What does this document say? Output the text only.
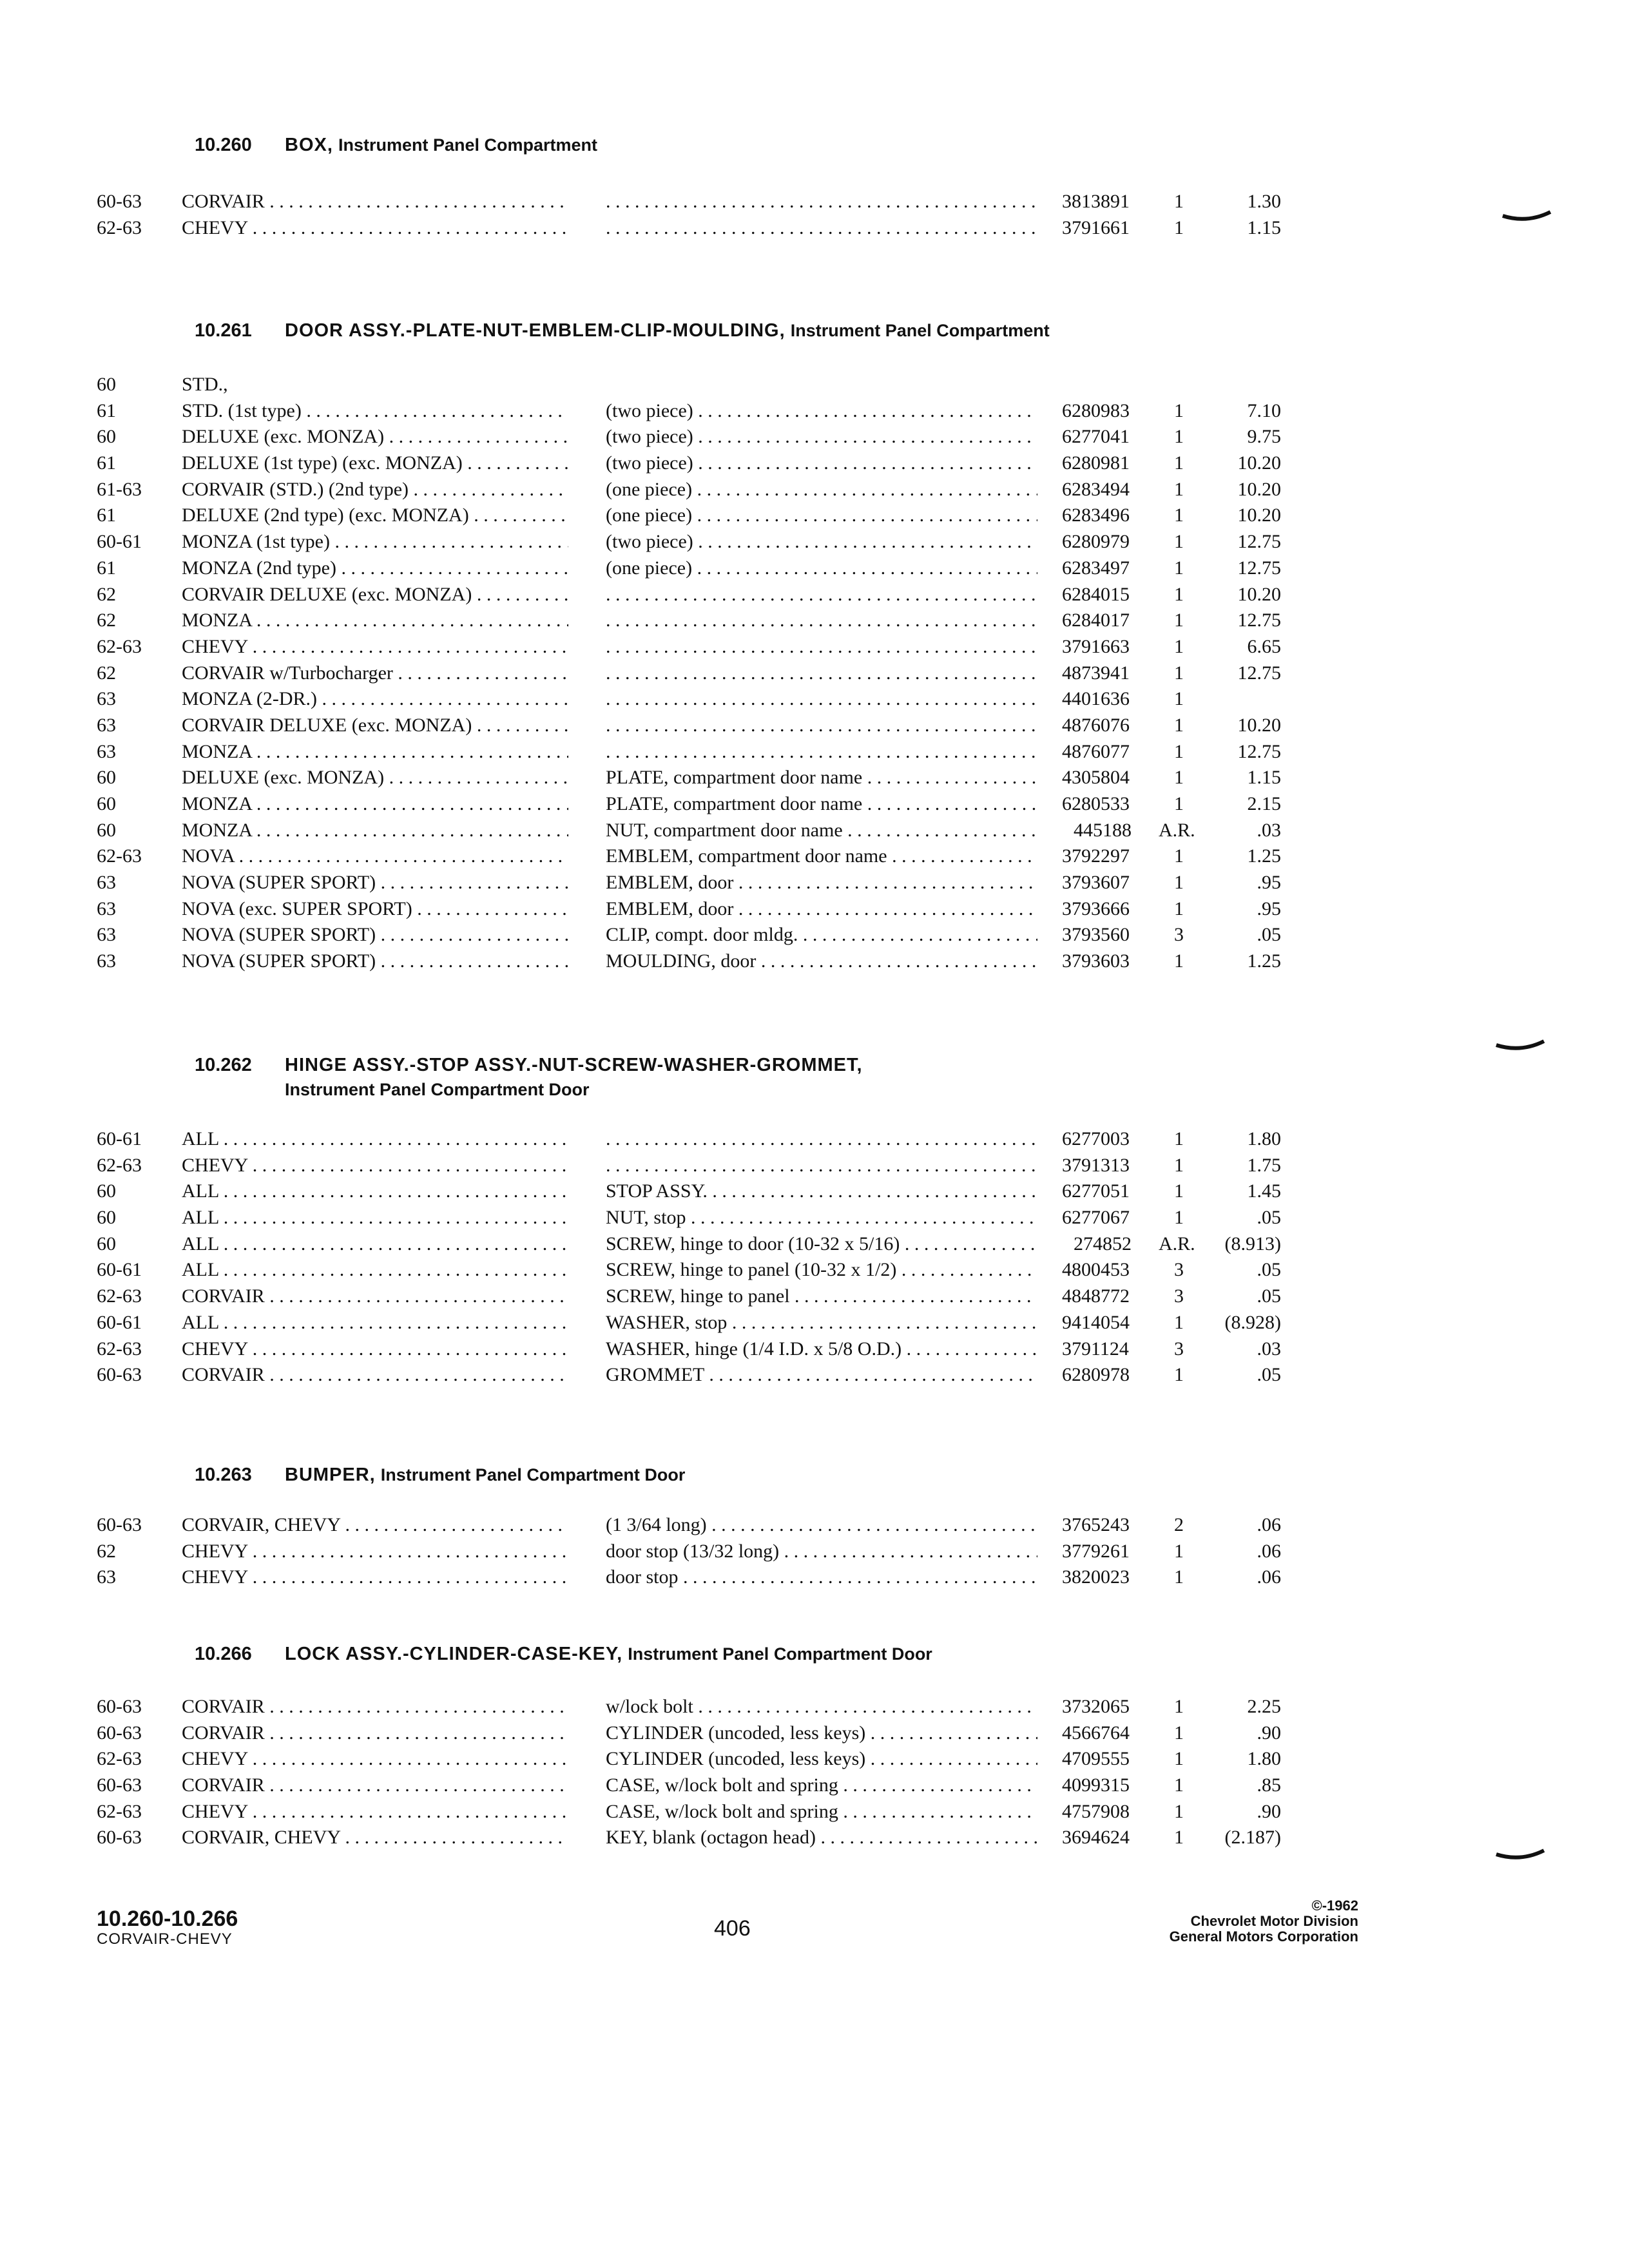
10.260 BOX, Instrument Panel Compartment
60-63 CORVAIR . . . . . .	3813891 1	1.30
62-63 CHEVY . . . . . .	3791661 1	1.15
10.261 DOOR ASSY.-PLATE-NUT-EMBLEM-CLIP-MOULDING, Instrument Panel Compartment
60	STD.,
61	STD. (1st type) . . .	(two piece) . . .	6280983 1	7.10
60	DELUXE (exc. MONZA) . . .	(two piece) . . .	6277041 1	9.75
61	DELUXE (1st type) (exc. MONZA) . . .	(two piece) . . .	6280981 1	10.20
61-63 CORVAIR (STD.) (2nd type) . . .	(one piece) . . .	6283494 1	10.20
61	DELUXE (2nd type) (exc. MONZA) . . .	(one piece) . . .	6283496 1	10.20
60-61 MONZA (1st type) . . .	(two piece) . . .	6280979 1	12.75
61	MONZA (2nd type) . . .	(one piece) . . .	6283497 1	12.75
62	CORVAIR DELUXE (exc. MONZA) . . . . . .	6284015 1	10.20
62	MONZA . . . . . .	6284017 1	12.75
62-63 CHEVY . . . . . .	3791663 1	6.65
62	CORVAIR w/Turbocharger . . . . . .	4873941 1	12.75
63	MONZA (2-DR.) . . . . . .	4401636 1
63	CORVAIR DELUXE (exc. MONZA) . . . . . .	4876076 1	10.20
63	MONZA . . . . . .	4876077 1	12.75
60	DELUXE (exc. MONZA) . . .	PLATE, compartment door name . . .	4305804 1	1.15
60	MONZA . . .	PLATE, compartment door name . . .	6280533 1	2.15
60	MONZA . . .	NUT, compartment door name . . .	445188 A.R.	.03
62-63 NOVA . . .	EMBLEM, compartment door name . . .	3792297 1	1.25
63	NOVA (SUPER SPORT) . . .	EMBLEM, door . . .	3793607 1	.95
63	NOVA (exc. SUPER SPORT) . . .	EMBLEM, door . . .	3793666 1	.95
63	NOVA (SUPER SPORT) . . .	CLIP, compt. door mldg. . . .	3793560 3	.05
63	NOVA (SUPER SPORT) . . .	MOULDING, door . . .	3793603 1	1.25
10.262 HINGE ASSY.-STOP ASSY.-NUT-SCREW-WASHER-GROMMET,
Instrument Panel Compartment Door
60-61 ALL . . . . . .	6277003 1	1.80
62-63 CHEVY . . . . . .	3791313 1	1.75
60	ALL . . .	STOP ASSY. . . .	6277051 1	1.45
60	ALL . . .	NUT, stop . . .	6277067 1	.05
60	ALL . . .	SCREW, hinge to door (10-32 x 5/16) . . .	274852 A.R. (8.913)
60-61 ALL . . .	SCREW, hinge to panel (10-32 x 1/2) . . .	4800453 3	.05
62-63 CORVAIR . . .	SCREW, hinge to panel . . .	4848772 3	.05
60-61 ALL . . .	WASHER, stop . . .	9414054 1 (8.928)
62-63 CHEVY . . .	WASHER, hinge (1/4 I.D. x 5/8 O.D.) . . .	3791124 3	.03
60-63 CORVAIR . . .	GROMMET . . .	6280978 1	.05
10.263 BUMPER, Instrument Panel Compartment Door
60-63 CORVAIR, CHEVY . . .	(1 3/64 long) . . .	3765243 2	.06
62	CHEVY . . .	door stop (13/32 long) . . .	3779261 1	.06
63	CHEVY . . .	door stop . . .	3820023 1	.06
10.266 LOCK ASSY.-CYLINDER-CASE-KEY, Instrument Panel Compartment Door
60-63 CORVAIR . . .	w/lock bolt . . .	3732065 1	2.25
60-63 CORVAIR . . .	CYLINDER (uncoded, less keys) . . .	4566764 1	.90
62-63 CHEVY . . .	CYLINDER (uncoded, less keys) . . .	4709555 1	1.80
60-63 CORVAIR . . .	CASE, w/lock bolt and spring . . .	4099315 1	.85
62-63 CHEVY . . .	CASE, w/lock bolt and spring . . .	4757908 1	.90
60-63 CORVAIR, CHEVY . . .	KEY, blank (octagon head) . . .	3694624 1 (2.187)
10.260-10.266
CORVAIR-CHEVY	406
©-1962
Chevrolet Motor Division
General Motors Corporation
